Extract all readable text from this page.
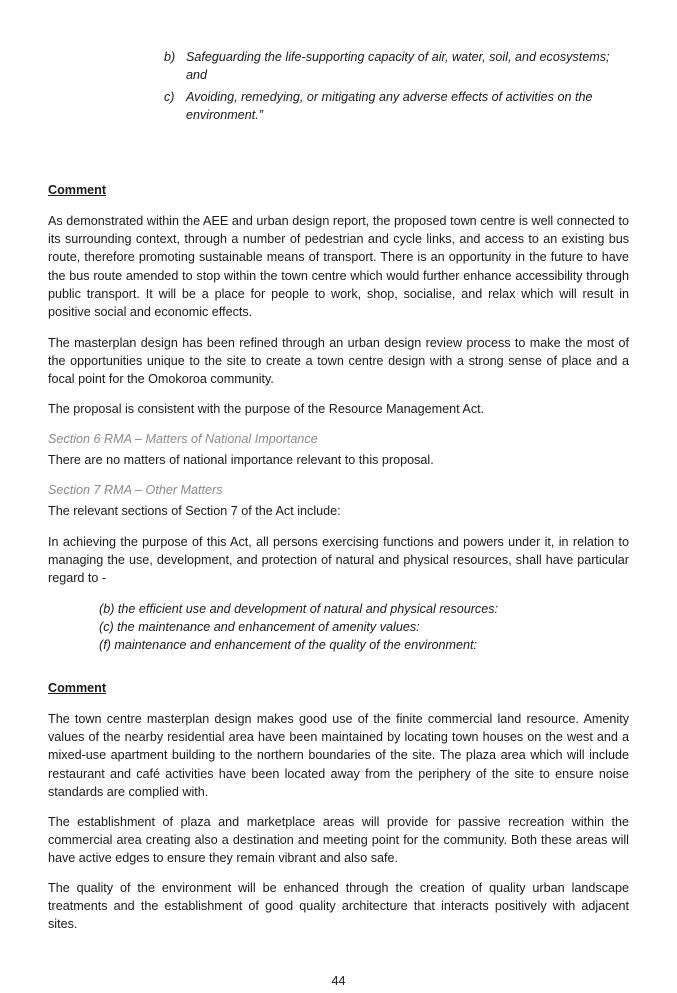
b) Safeguarding the life-supporting capacity of air, water, soil, and ecosystems; and
c) Avoiding, remedying, or mitigating any adverse effects of activities on the environment.”
Comment
As demonstrated within the AEE and urban design report, the proposed town centre is well connected to its surrounding context, through a number of pedestrian and cycle links, and access to an existing bus route, therefore promoting sustainable means of transport. There is an opportunity in the future to have the bus route amended to stop within the town centre which would further enhance accessibility through public transport. It will be a place for people to work, shop, socialise, and relax which will result in positive social and economic effects.
The masterplan design has been refined through an urban design review process to make the most of the opportunities unique to the site to create a town centre design with a strong sense of place and a focal point for the Omokoroa community.
The proposal is consistent with the purpose of the Resource Management Act.
Section 6 RMA – Matters of National Importance
There are no matters of national importance relevant to this proposal.
Section 7 RMA – Other Matters
The relevant sections of Section 7 of the Act include:
In achieving the purpose of this Act, all persons exercising functions and powers under it, in relation to managing the use, development, and protection of natural and physical resources, shall have particular regard to -
(b) the efficient use and development of natural and physical resources:
(c) the maintenance and enhancement of amenity values:
(f) maintenance and enhancement of the quality of the environment:
Comment
The town centre masterplan design makes good use of the finite commercial land resource. Amenity values of the nearby residential area have been maintained by locating town houses on the west and a mixed-use apartment building to the northern boundaries of the site. The plaza area which will include restaurant and café activities have been located away from the periphery of the site to ensure noise standards are complied with.
The establishment of plaza and marketplace areas will provide for passive recreation within the commercial area creating also a destination and meeting point for the community. Both these areas will have active edges to ensure they remain vibrant and also safe.
The quality of the environment will be enhanced through the creation of quality urban landscape treatments and the establishment of good quality architecture that interacts positively with adjacent sites.
44
